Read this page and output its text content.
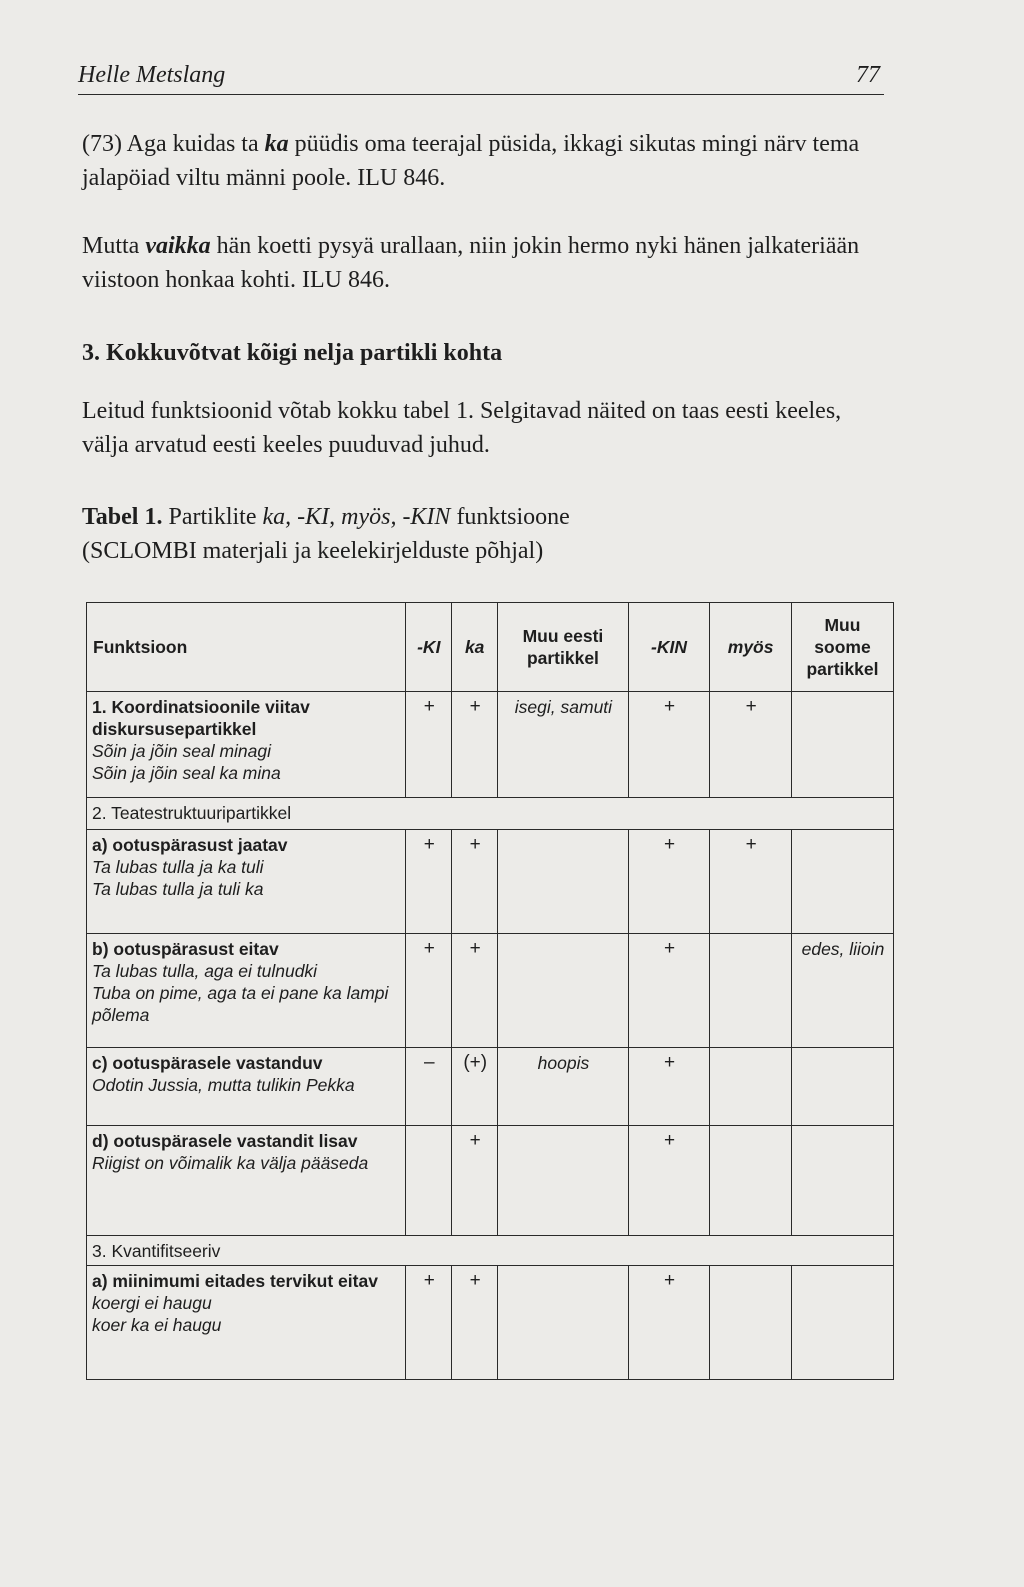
Helle Metslang	77
(73) Aga kuidas ta ka püüdis oma teerajal püsida, ikkagi sikutas mingi närv tema jalapöiad viltu männi poole. ILU 846.
Mutta vaikka hän koetti pysyä urallaan, niin jokin hermo nyki hänen jalkateriään viistoon honkaa kohti. ILU 846.
3. Kokkuvõtvat kõigi nelja partikli kohta
Leitud funktsioonid võtab kokku tabel 1. Selgitavad näited on taas eesti keeles, välja arvatud eesti keeles puuduvad juhud.
Tabel 1. Partiklite ka, -KI, myös, -KIN funktsioone
(SCLOMBI materjali ja keelekirjelduste põhjal)
Funktsioon	-KI	ka	Muu eesti partikkel	-KIN	myös	Muu soome partikkel

1. Koordinatsioonile viitav diskursusepartikkel
Sõin ja jõin seal minagi
Sõin ja jõin seal ka mina	+	+	isegi, samuti	+	+	
2. Teatestruktuuripartikkel						

a) ootuspärasust jaatav
Ta lubas tulla ja ka tuli
Ta lubas tulla ja tuli ka	+	+		+	+	

b) ootuspärasust eitav
Ta lubas tulla, aga ei tulnudki
Tuba on pime, aga ta ei pane ka lampi põlema	+	+		+		edes, liioin

c) ootuspärasele vastanduv
Odotin Jussia, mutta tulikin Pekka	–	(+)	hoopis	+		

d) ootuspärasele vastandit lisav
Riigist on võimalik ka välja pääseda		+		+		
3. Kvantifitseeriv						

a) miinimumi eitades tervikut eitav
koergi ei haugu
koer ka ei haugu	+	+		+		
